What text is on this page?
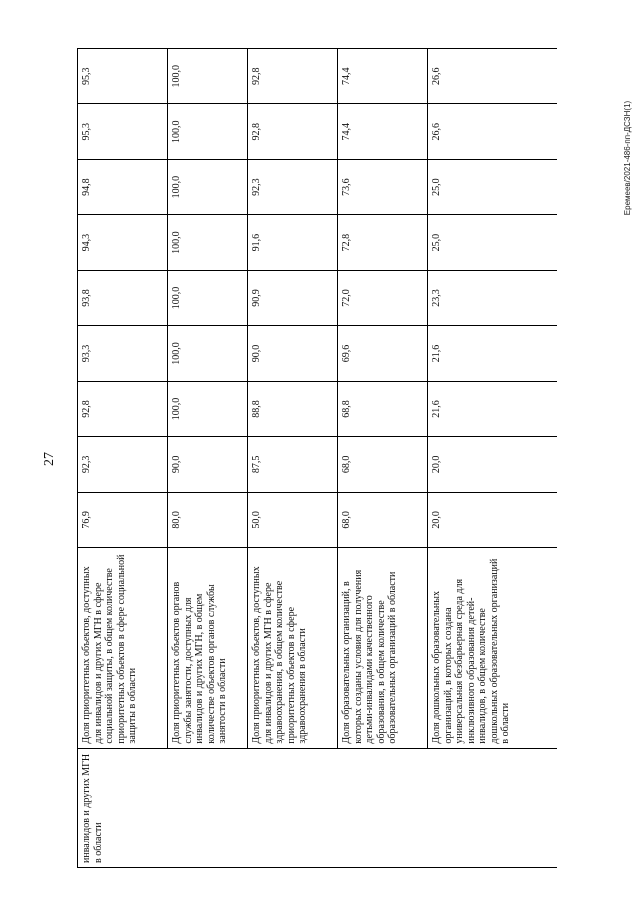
27
Еремеев/2021-486-пп-ДСЗН(1)
инвалидов и других МГН в области	Доля приоритетных объектов, доступных для инвалидов и других МГН в сфере социальной защиты, в общем количестве приоритетных объектов в сфере социальной защиты в области	76,9	92,3	92,8	93,3	93,8	94,3	94,8	95,3	95,3
	Доля приоритетных объектов органов службы занятости, доступных для инвалидов и других МГН, в общем количестве объектов органов службы занятости в области	80,0	90,0	100,0	100,0	100,0	100,0	100,0	100,0	100,0
	Доля приоритетных объектов, доступных для инвалидов и других МГН в сфере здравоохранения, в общем количестве приоритетных объектов в сфере здравоохранения в области	50,0	87,5	88,8	90,0	90,9	91,6	92,3	92,8	92,8
	Доля образовательных организаций, в которых созданы условия для получения детьми-инвалидами качественного образования, в общем количестве образовательных организаций в области	68,0	68,0	68,8	69,6	72,0	72,8	73,6	74,4	74,4
	Доля дошкольных образовательных организаций, в которых создана универсальная безбарьерная среда для инклюзивного образования детей-инвалидов, в общем количестве дошкольных образовательных организаций в области	20,0	20,0	21,6	21,6	23,3	25,0	25,0	26,6	26,6
